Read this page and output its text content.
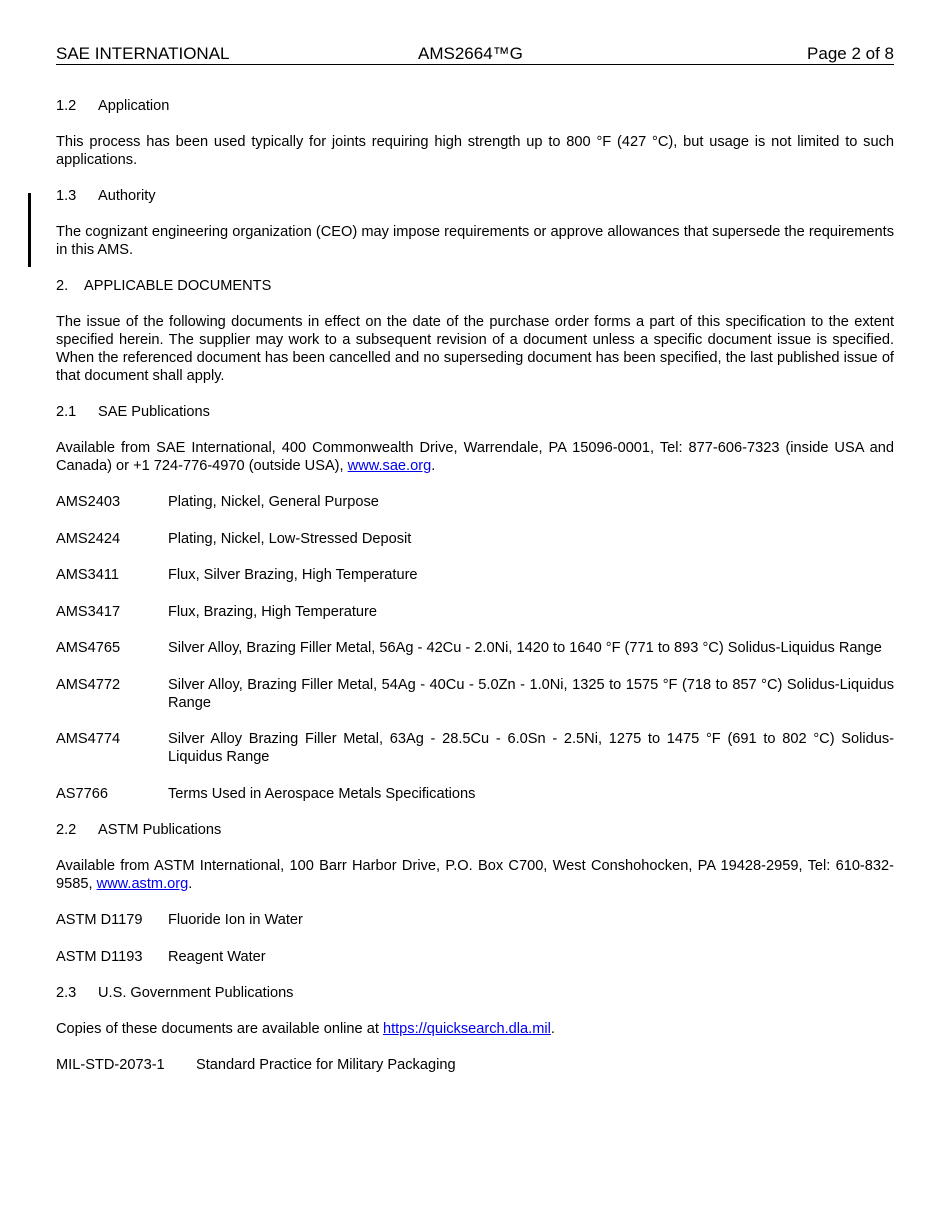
SAE INTERNATIONAL	AMS2664™G	Page 2 of 8
1.2 Application
This process has been used typically for joints requiring high strength up to 800 °F (427 °C), but usage is not limited to such applications.
1.3 Authority
The cognizant engineering organization (CEO) may impose requirements or approve allowances that supersede the requirements in this AMS.
2. APPLICABLE DOCUMENTS
The issue of the following documents in effect on the date of the purchase order forms a part of this specification to the extent specified herein. The supplier may work to a subsequent revision of a document unless a specific document issue is specified. When the referenced document has been cancelled and no superseding document has been specified, the last published issue of that document shall apply.
2.1 SAE Publications
Available from SAE International, 400 Commonwealth Drive, Warrendale, PA 15096-0001, Tel: 877-606-7323 (inside USA and Canada) or +1 724-776-4970 (outside USA), www.sae.org.
AMS2403	Plating, Nickel, General Purpose
AMS2424	Plating, Nickel, Low-Stressed Deposit
AMS3411	Flux, Silver Brazing, High Temperature
AMS3417	Flux, Brazing, High Temperature
AMS4765	Silver Alloy, Brazing Filler Metal, 56Ag - 42Cu - 2.0Ni, 1420 to 1640 °F (771 to 893 °C) Solidus-Liquidus Range
AMS4772	Silver Alloy, Brazing Filler Metal, 54Ag - 40Cu - 5.0Zn - 1.0Ni, 1325 to 1575 °F (718 to 857 °C) Solidus-Liquidus Range
AMS4774	Silver Alloy Brazing Filler Metal, 63Ag - 28.5Cu - 6.0Sn - 2.5Ni, 1275 to 1475 °F (691 to 802 °C) Solidus-Liquidus Range
AS7766	Terms Used in Aerospace Metals Specifications
2.2 ASTM Publications
Available from ASTM International, 100 Barr Harbor Drive, P.O. Box C700, West Conshohocken, PA 19428-2959, Tel: 610-832-9585, www.astm.org.
ASTM D1179	Fluoride Ion in Water
ASTM D1193	Reagent Water
2.3 U.S. Government Publications
Copies of these documents are available online at https://quicksearch.dla.mil.
MIL-STD-2073-1	Standard Practice for Military Packaging
